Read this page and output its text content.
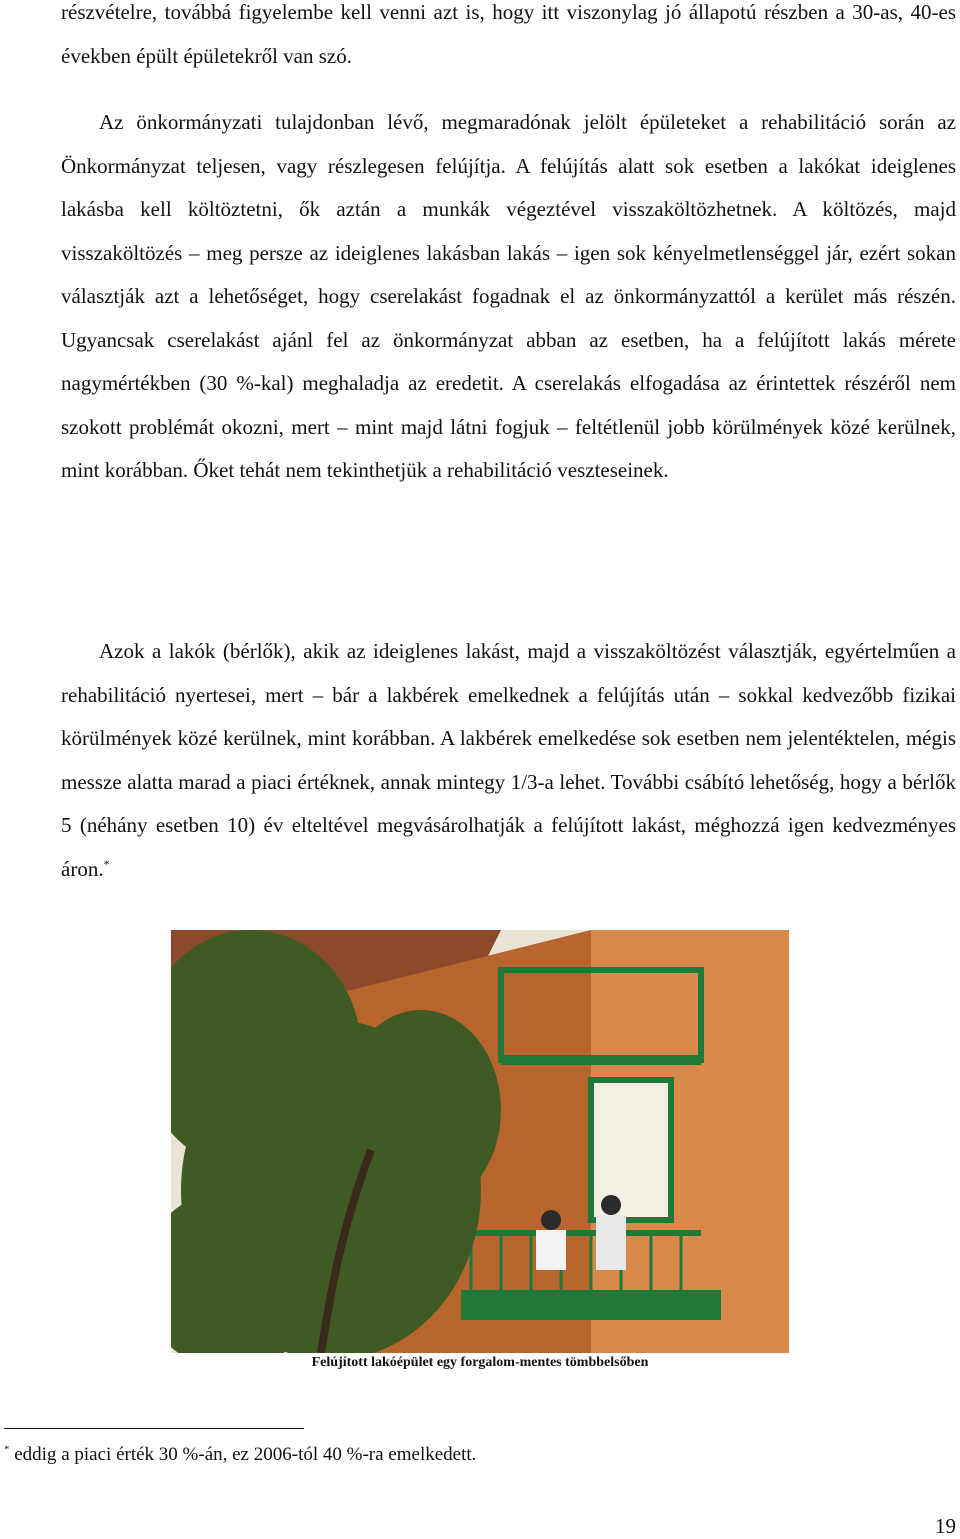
részvételre, továbbá figyelembe kell venni azt is, hogy itt viszonylag jó állapotú részben a 30-as, 40-es években épült épületekről van szó.

Az önkormányzati tulajdonban lévő, megmaradónak jelölt épületeket a rehabilitáció során az Önkormányzat teljesen, vagy részlegesen felújítja. A felújítás alatt sok esetben a lakókat ideiglenes lakásba kell költöztetni, ők aztán a munkák végeztével visszaköltözhetnek. A költözés, majd visszaköltözés – meg persze az ideiglenes lakásban lakás – igen sok kényelmetlenséggel jár, ezért sokan választják azt a lehetőséget, hogy cserelakást fogadnak el az önkormányzattól a kerület más részén. Ugyancsak cserelakást ajánl fel az önkormányzat abban az esetben, ha a felújított lakás mérete nagymértékben (30 %-kal) meghaladja az eredetit. A cserelakás elfogadása az érintettek részéről nem szokott problémát okozni, mert – mint majd látni fogjuk – feltétlenül jobb körülmények közé kerülnek, mint korábban. Őket tehát nem tekinthetjük a rehabilitáció veszteseinek.

Azok a lakók (bérlők), akik az ideiglenes lakást, majd a visszaköltözést választják, egyértelműen a rehabilitáció nyertesei, mert – bár a lakbérek emelkednek a felújítás után – sokkal kedvezőbb fizikai körülmények közé kerülnek, mint korábban. A lakbérek emelkedése sok esetben nem jelentéktelen, mégis messze alatta marad a piaci értéknek, annak mintegy 1/3-a lehet. További csábító lehetőség, hogy a bérlők 5 (néhány esetben 10) év elteltével megvásárolhatják a felújított lakást, méghozzá igen kedvezményes áron.*

Felújított lakóépület egy forgalom-mentes tömbbelsőben
* eddig a piaci érték 30 %-án, ez 2006-tól 40 %-ra emelkedett.
19
